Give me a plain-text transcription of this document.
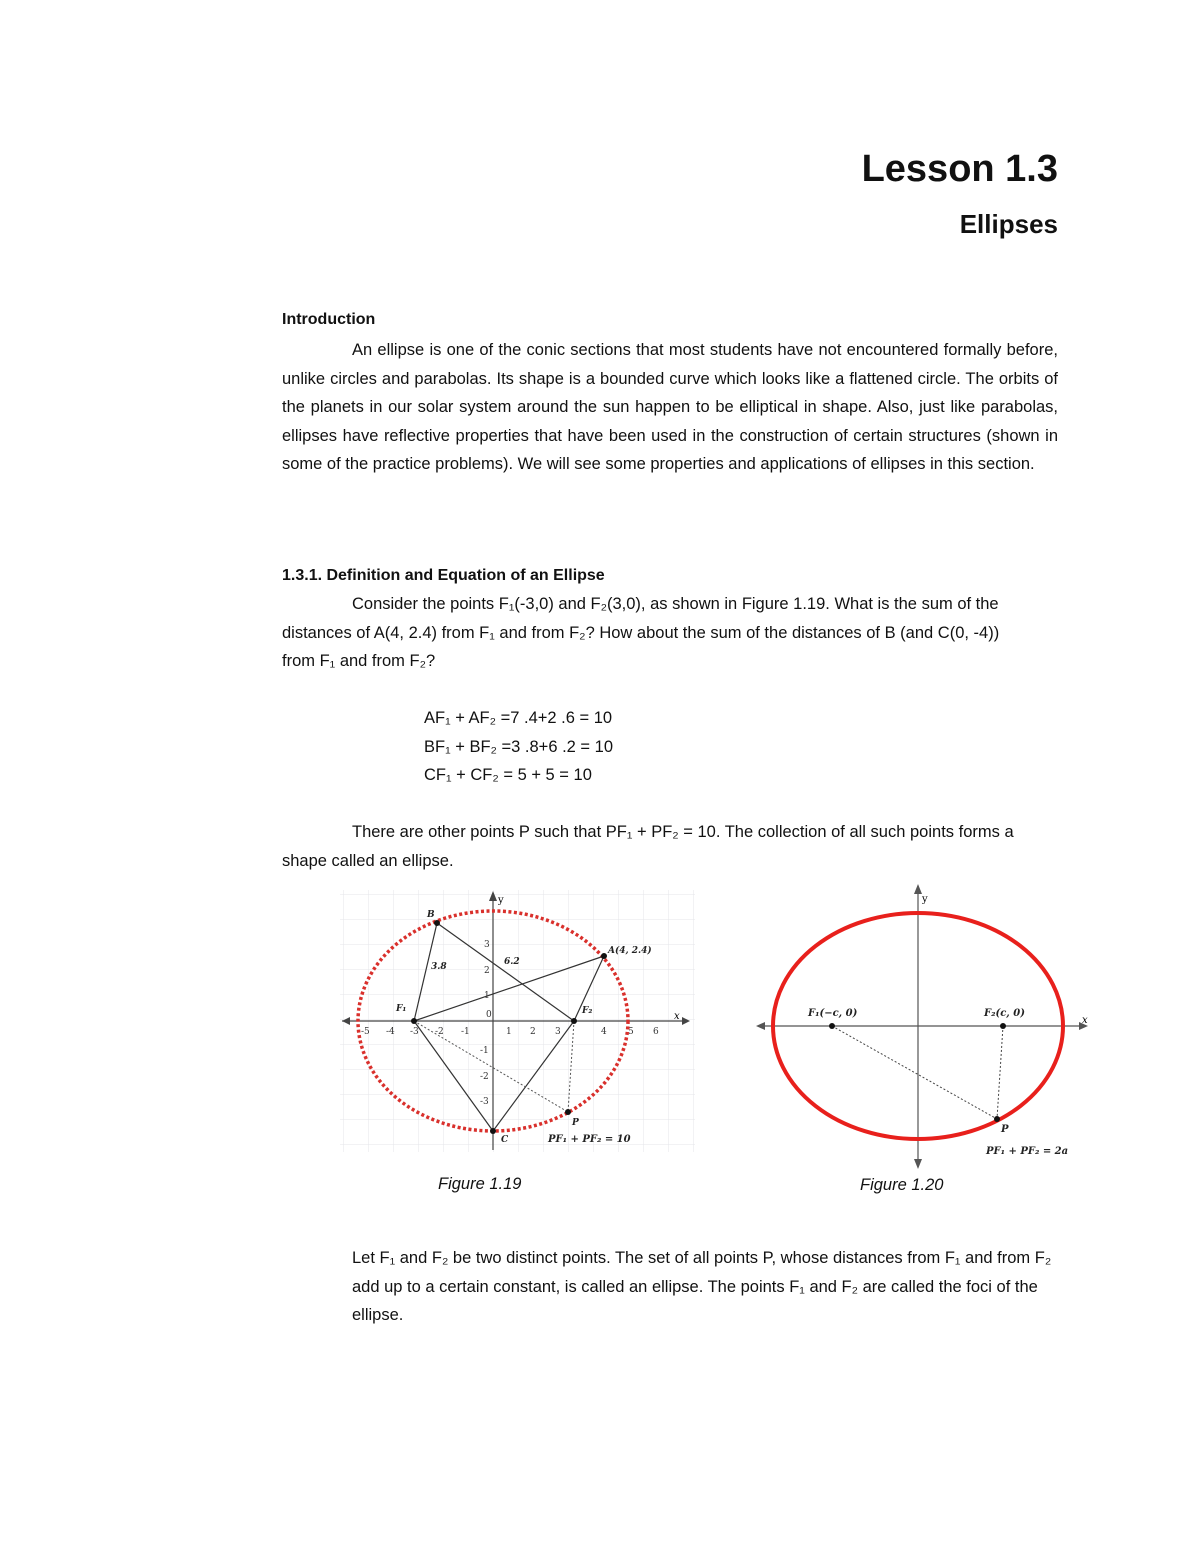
Lesson 1.3
Ellipses
Introduction
An ellipse is one of the conic sections that most students have not encountered formally before, unlike circles and parabolas. Its shape is a bounded curve which looks like a flattened circle. The orbits of the planets in our solar system around the sun happen to be elliptical in shape. Also, just like parabolas, ellipses have reflective properties that have been used in the construction of certain structures (shown in some of the practice problems). We will see some properties and applications of ellipses in this section.
1.3.1. Definition and Equation of an Ellipse
Consider the points F₁(-3,0) and F₂(3,0), as shown in Figure 1.19. What is the sum of the distances of A(4, 2.4) from F₁ and from F₂? How about the sum of the distances of B (and C(0, -4)) from F₁ and from F₂?
AF₁ + AF₂ =7 .4+2 .6 = 10
BF₁ + BF₂ =3 .8+6 .2 = 10
CF₁ + CF₂ = 5 + 5 = 10
There are other points P such that PF₁ + PF₂ = 10. The collection of all such points forms a shape called an ellipse.
y
x
-5 -4 -3 -2 -1
0
1 2 3	4 5 6
3
2
1
-1
-2
-3
B
A(4, 2.4)
F₁	F₂
C
P
3.8	6.2
PF₁ + PF₂ = 10
x
y
F₁(−c, 0)	F₂(c, 0)
P
PF₁ + PF₂ = 2a
Figure 1.19	Figure 1.20
Let F₁ and F₂ be two distinct points. The set of all points P, whose distances from F₁ and from F₂ add up to a certain constant, is called an ellipse. The points F₁ and F₂ are called the foci of the ellipse.
